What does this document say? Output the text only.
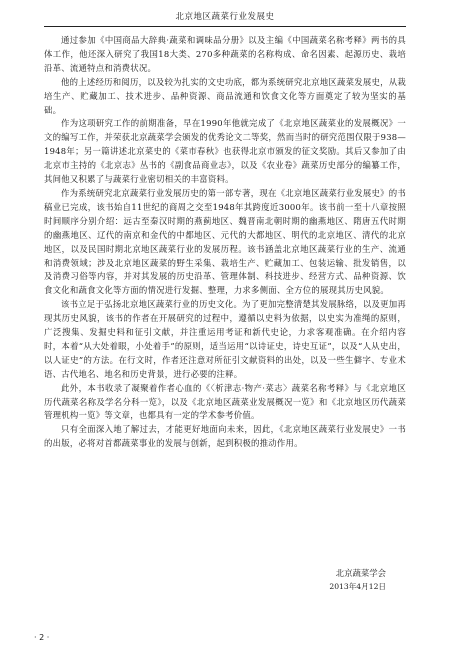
北京地区蔬菜行业发展史

通过参加《中国商品大辞典·蔬菜和调味品分册》以及主编《中国蔬菜名称考释》两书的具体工作，他还深入研究了我国18大类、270多种蔬菜的名称构成、命名因素、起源历史、栽培沿革、流通特点和消费状况。

他的上述经历和阅历，以及较为扎实的文史功底，都为系统研究北京地区蔬菜发展史，从栽培生产、贮藏加工、技术进步、品种资源、商品流通和饮食文化等方面奠定了较为坚实的基础。

作为这项研究工作的前期准备，早在1990年他就完成了《北京地区蔬菜业的发展概况》一文的编写工作，并荣获北京蔬菜学会颁发的优秀论文二等奖，然而当时的研究范围仅限于938—1948年；另一篇讲述北京菜史的《菜市春秋》也获得北京市颁发的征文奖励。其后又参加了由北京市主持的《北京志》丛书的《副食品商业志》，以及《农业卷》蔬菜历史部分的编纂工作，其间他又积累了与蔬菜行业密切相关的丰富资料。

作为系统研究北京蔬菜行业发展历史的第一部专著，现在《北京地区蔬菜行业发展史》的书稿业已完成，该书始自11世纪的商周之交至1948年其跨度近3000年。该书前一至十八章按照时间顺序分别介绍：远古至秦汉时期的燕蓟地区、魏晋南北朝时期的幽燕地区、隋唐五代时期的幽燕地区、辽代的南京和金代的中都地区、元代的大都地区、明代的北京地区、清代的北京地区，以及民国时期北京地区蔬菜行业的发展历程。该书涵盖北京地区蔬菜行业的生产、流通和消费领域；涉及北京地区蔬菜的野生采集、栽培生产、贮藏加工、包装运输、批发销售，以及消费习俗等内容，并对其发展的历史沿革、管理体制、科技进步、经营方式、品种资源、饮食文化和蔬食文化等方面的情况进行发掘、整理，力求多侧面、全方位的展现其历史风貌。

该书立足于弘扬北京地区蔬菜行业的历史文化。为了更加完整清楚其发展脉络，以及更加再现其历史风貌，该书的作者在开展研究的过程中，遵循以史料为依据，以史实为准绳的原则，广泛搜集、发掘史料和征引文献，并注重运用考证和新代史论，力求客观准确。在介绍内容时，本着“从大处着眼，小处着手”的原则，适当运用“以诗证史，诗史互证”，以及“人从史出，以人证史”的方法。在行文时，作者还注意对所征引文献资料的出处，以及一些生僻字、专业术语、古代地名、地名和历史背景，进行必要的注释。

此外，本书收录了凝聚着作者心血的《〈析津志·物产·菜志〉蔬菜名称考释》与《北京地区历代蔬菜名称及学名分科一览》，以及《北京地区蔬菜业发展概况一览》和《北京地区历代蔬菜管理机构一览》等文章，也都具有一定的学术参考价值。

只有全面深入地了解过去，才能更好地面向未来，因此，《北京地区蔬菜行业发展史》一书的出版，必将对首都蔬菜事业的发展与创新，起到积极的推动作用。

北京蔬菜学会
2013年4月12日
· 2 ·
